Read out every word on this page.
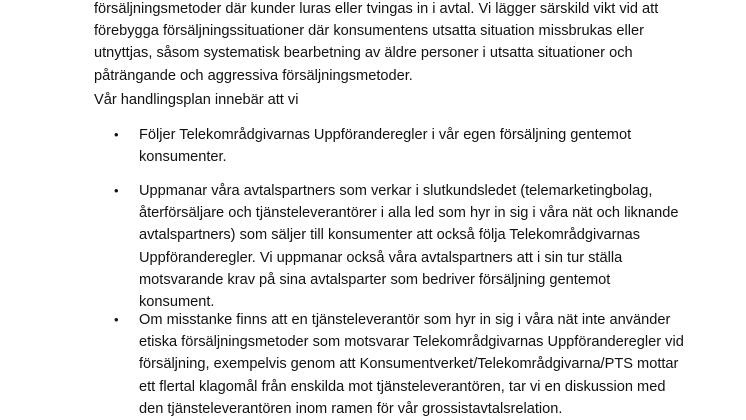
försäljningsmetoder där kunder luras eller tvingas in i avtal. Vi lägger särskild vikt vid att
förebygga försäljningssituationer där konsumentens utsatta situation missbrukas eller
utnyttjas, såsom systematisk bearbetning av äldre personer i utsatta situationer och
påträngande och aggressiva försäljningsmetoder.
Vår handlingsplan innebär att vi
• Följer Telekområdgivarnas Uppföranderegler i vår egen försäljning gentemot
konsumenter.
• Uppmanar våra avtalspartners som verkar i slutkundsledet (telemarketingbolag,
återförsäljare och tjänsteleverantörer i alla led som hyr in sig i våra nät och liknande
avtalspartners) som säljer till konsumenter att också följa Telekområdgivarnas
Uppföranderegler. Vi uppmanar också våra avtalspartners att i sin tur ställa
motsvarande krav på sina avtalsparter som bedriver försäljning gentemot
konsument.
• Om misstanke finns att en tjänsteleverantör som hyr in sig i våra nät inte använder
etiska försäljningsmetoder som motsvarar Telekområdgivarnas Uppföranderegler vid
försäljning, exempelvis genom att Konsumentverket/Telekområdgivarna/PTS mottar
ett flertal klagomål från enskilda mot tjänsteleverantören, tar vi en diskussion med
den tjänsteleverantören inom ramen för vår grossistavtalsrelation.
